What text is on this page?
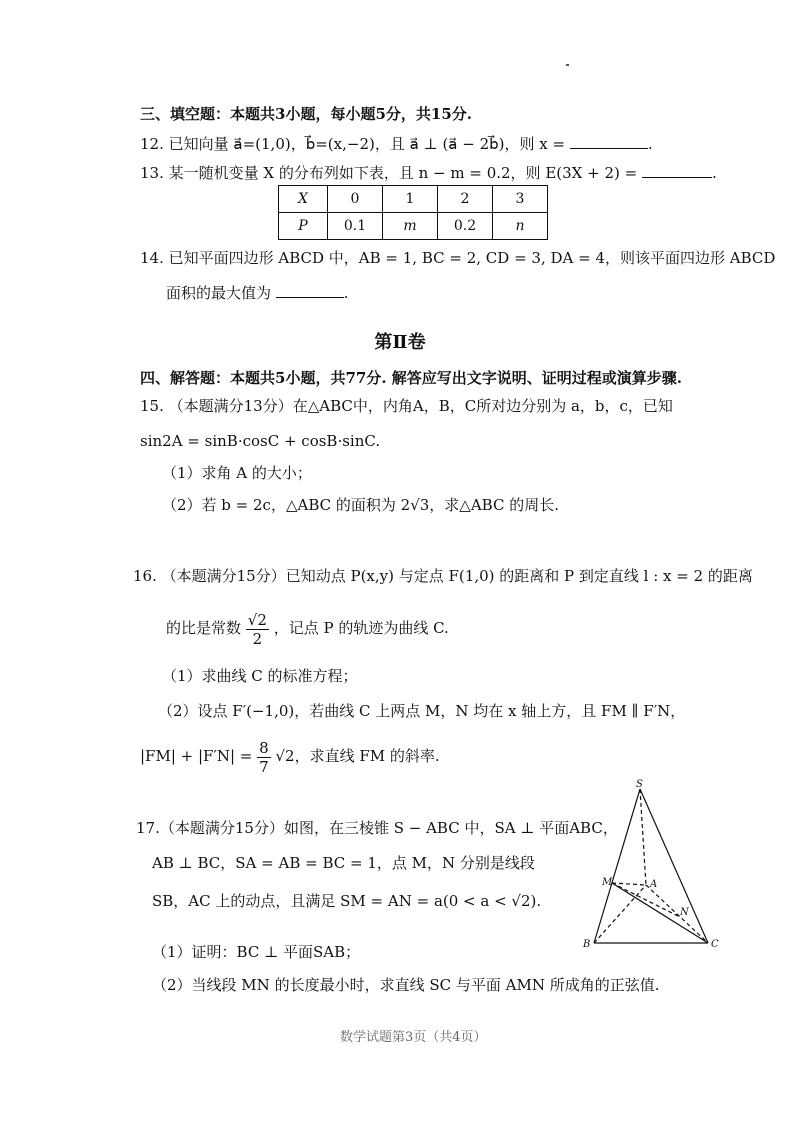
三、填空题：本题共3小题，每小题5分，共15分.
12. 已知向量 a⃗=(1,0)，b⃗=(x,−2)，且 a⃗ ⊥ (a⃗ − 2b⃗)，则 x =	.
13. 某一随机变量 X 的分布列如下表，且 n − m = 0.2，则 E(3X + 2) =	.
X	0	1	2	3
P	0.1	m	0.2	n
14. 已知平面四边形 ABCD 中，AB = 1, BC = 2, CD = 3, DA = 4，则该平面四边形 ABCD
面积的最大值为	.
第Ⅱ卷
四、解答题：本题共5小题，共77分. 解答应写出文字说明、证明过程或演算步骤.
15. （本题满分13分）在△ABC中，内角A，B，C所对边分别为 a，b，c，已知
sin2A = sinB·cosC + cosB·sinC.
（1）求角 A 的大小；
（2）若 b = 2c，△ABC 的面积为 2√3，求△ABC 的周长.
16. （本题满分15分）已知动点 P(x,y) 与定点 F(1,0) 的距离和 P 到定直线 l : x = 2 的距离
的比是常数 $\frac{√2}{2}$ ，记点 P 的轨迹为曲线 C.
（1）求曲线 C 的标准方程；
（2）设点 F′(−1,0)，若曲线 C 上两点 M，N 均在 x 轴上方，且 FM ∥ F′N，
$|FM| + |F'N| = \frac{8}{7} √2$，求直线 FM 的斜率.
17.（本题满分15分）如图，在三棱锥 S − ABC 中，SA ⊥ 平面ABC，
AB ⊥ BC，SA = AB = BC = 1，点 M，N 分别是线段
SB，AC 上的动点，且满足 SM = AN = a(0 < a < √2).
（1）证明：BC ⊥ 平面SAB；
（2）当线段 MN 的长度最小时，求直线 SC 与平面 AMN 所成角的正弦值.
S
A
B	C
M
N
数学试题第3页（共4页）
